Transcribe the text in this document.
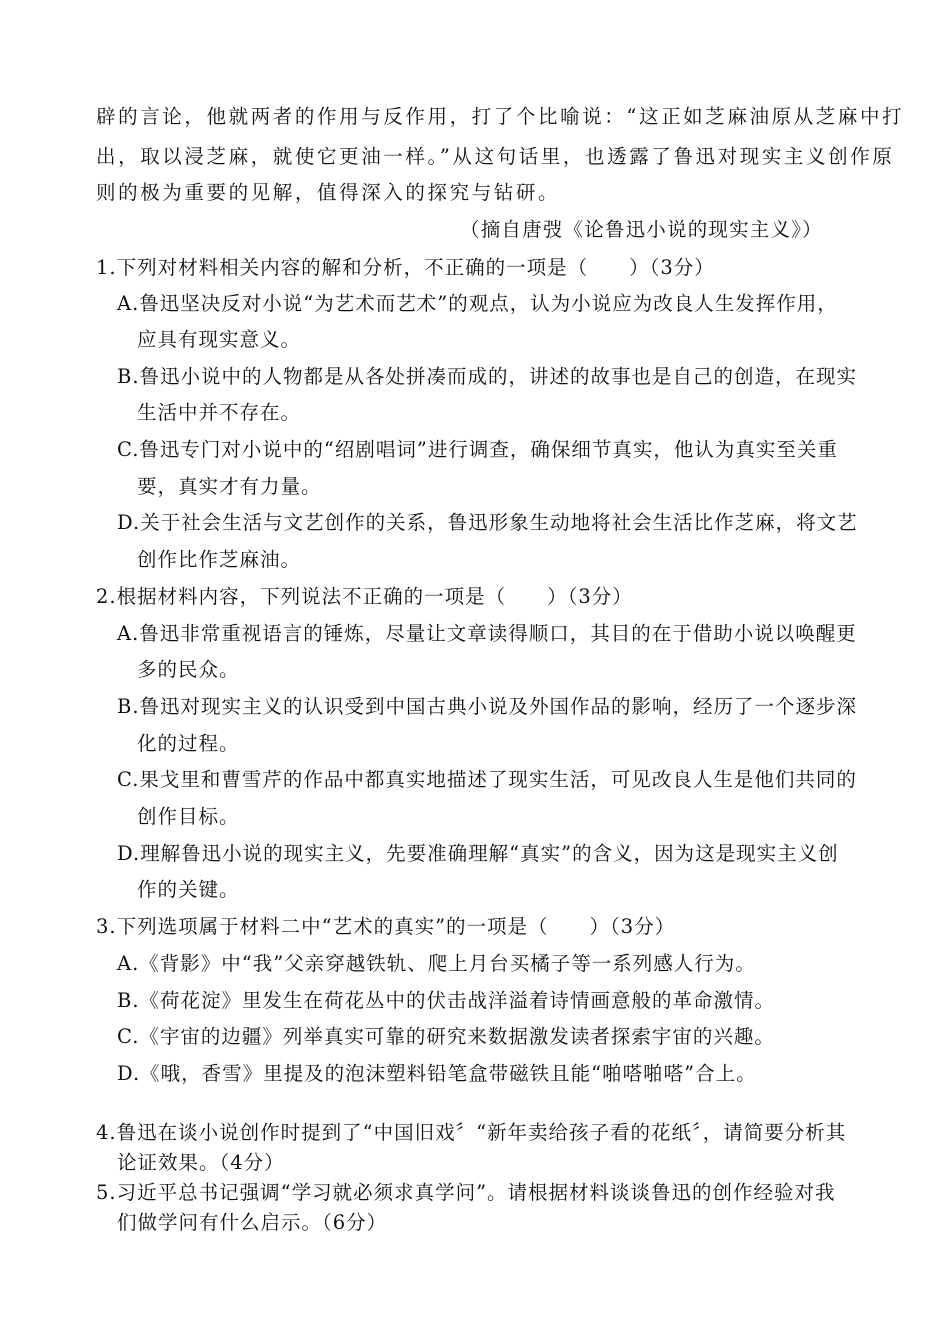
辟的言论，他就两者的作用与反作用，打了个比喻说：“这正如芝麻油原从芝麻中打
出，取以浸芝麻，就使它更油一样。”从这句话里，也透露了鲁迅对现实主义创作原
则的极为重要的见解，值得深入的探究与钻研。
（摘自唐弢《论鲁迅小说的现实主义》）
1.下列对材料相关内容的解和分析，不正确的一项是（　　）（3分）
A.鲁迅坚决反对小说“为艺术而艺术”的观点，认为小说应为改良人生发挥作用，
应具有现实意义。
B.鲁迅小说中的人物都是从各处拼凑而成的，讲述的故事也是自己的创造，在现实
生活中并不存在。
C.鲁迅专门对小说中的“绍剧唱词”进行调查，确保细节真实，他认为真实至关重
要，真实才有力量。
D.关于社会生活与文艺创作的关系，鲁迅形象生动地将社会生活比作芝麻，将文艺
创作比作芝麻油。
2.根据材料内容，下列说法不正确的一项是（　　）（3分）
A.鲁迅非常重视语言的锤炼，尽量让文章读得顺口，其目的在于借助小说以唤醒更
多的民众。
B.鲁迅对现实主义的认识受到中国古典小说及外国作品的影响，经历了一个逐步深
化的过程。
C.果戈里和曹雪芹的作品中都真实地描述了现实生活，可见改良人生是他们共同的
创作目标。
D.理解鲁迅小说的现实主义，先要准确理解“真实”的含义，因为这是现实主义创
作的关键。
3.下列选项属于材料二中“艺术的真实”的一项是（　　）（3分）
A.《背影》中“我”父亲穿越铁轨、爬上月台买橘子等一系列感人行为。
B.《荷花淀》里发生在荷花丛中的伏击战洋溢着诗情画意般的革命激情。
C.《宇宙的边疆》列举真实可靠的研究来数据激发读者探索宇宙的兴趣。
D.《哦，香雪》里提及的泡沫塑料铅笔盒带磁铁且能“啪嗒啪嗒”合上。
4.鲁迅在谈小说创作时提到了“中国旧戏〞“新年卖给孩子看的花纸〞，请简要分析其
论证效果。（4分）
5.习近平总书记强调“学习就必须求真学问”。请根据材料谈谈鲁迅的创作经验对我
们做学问有什么启示。（6分）
